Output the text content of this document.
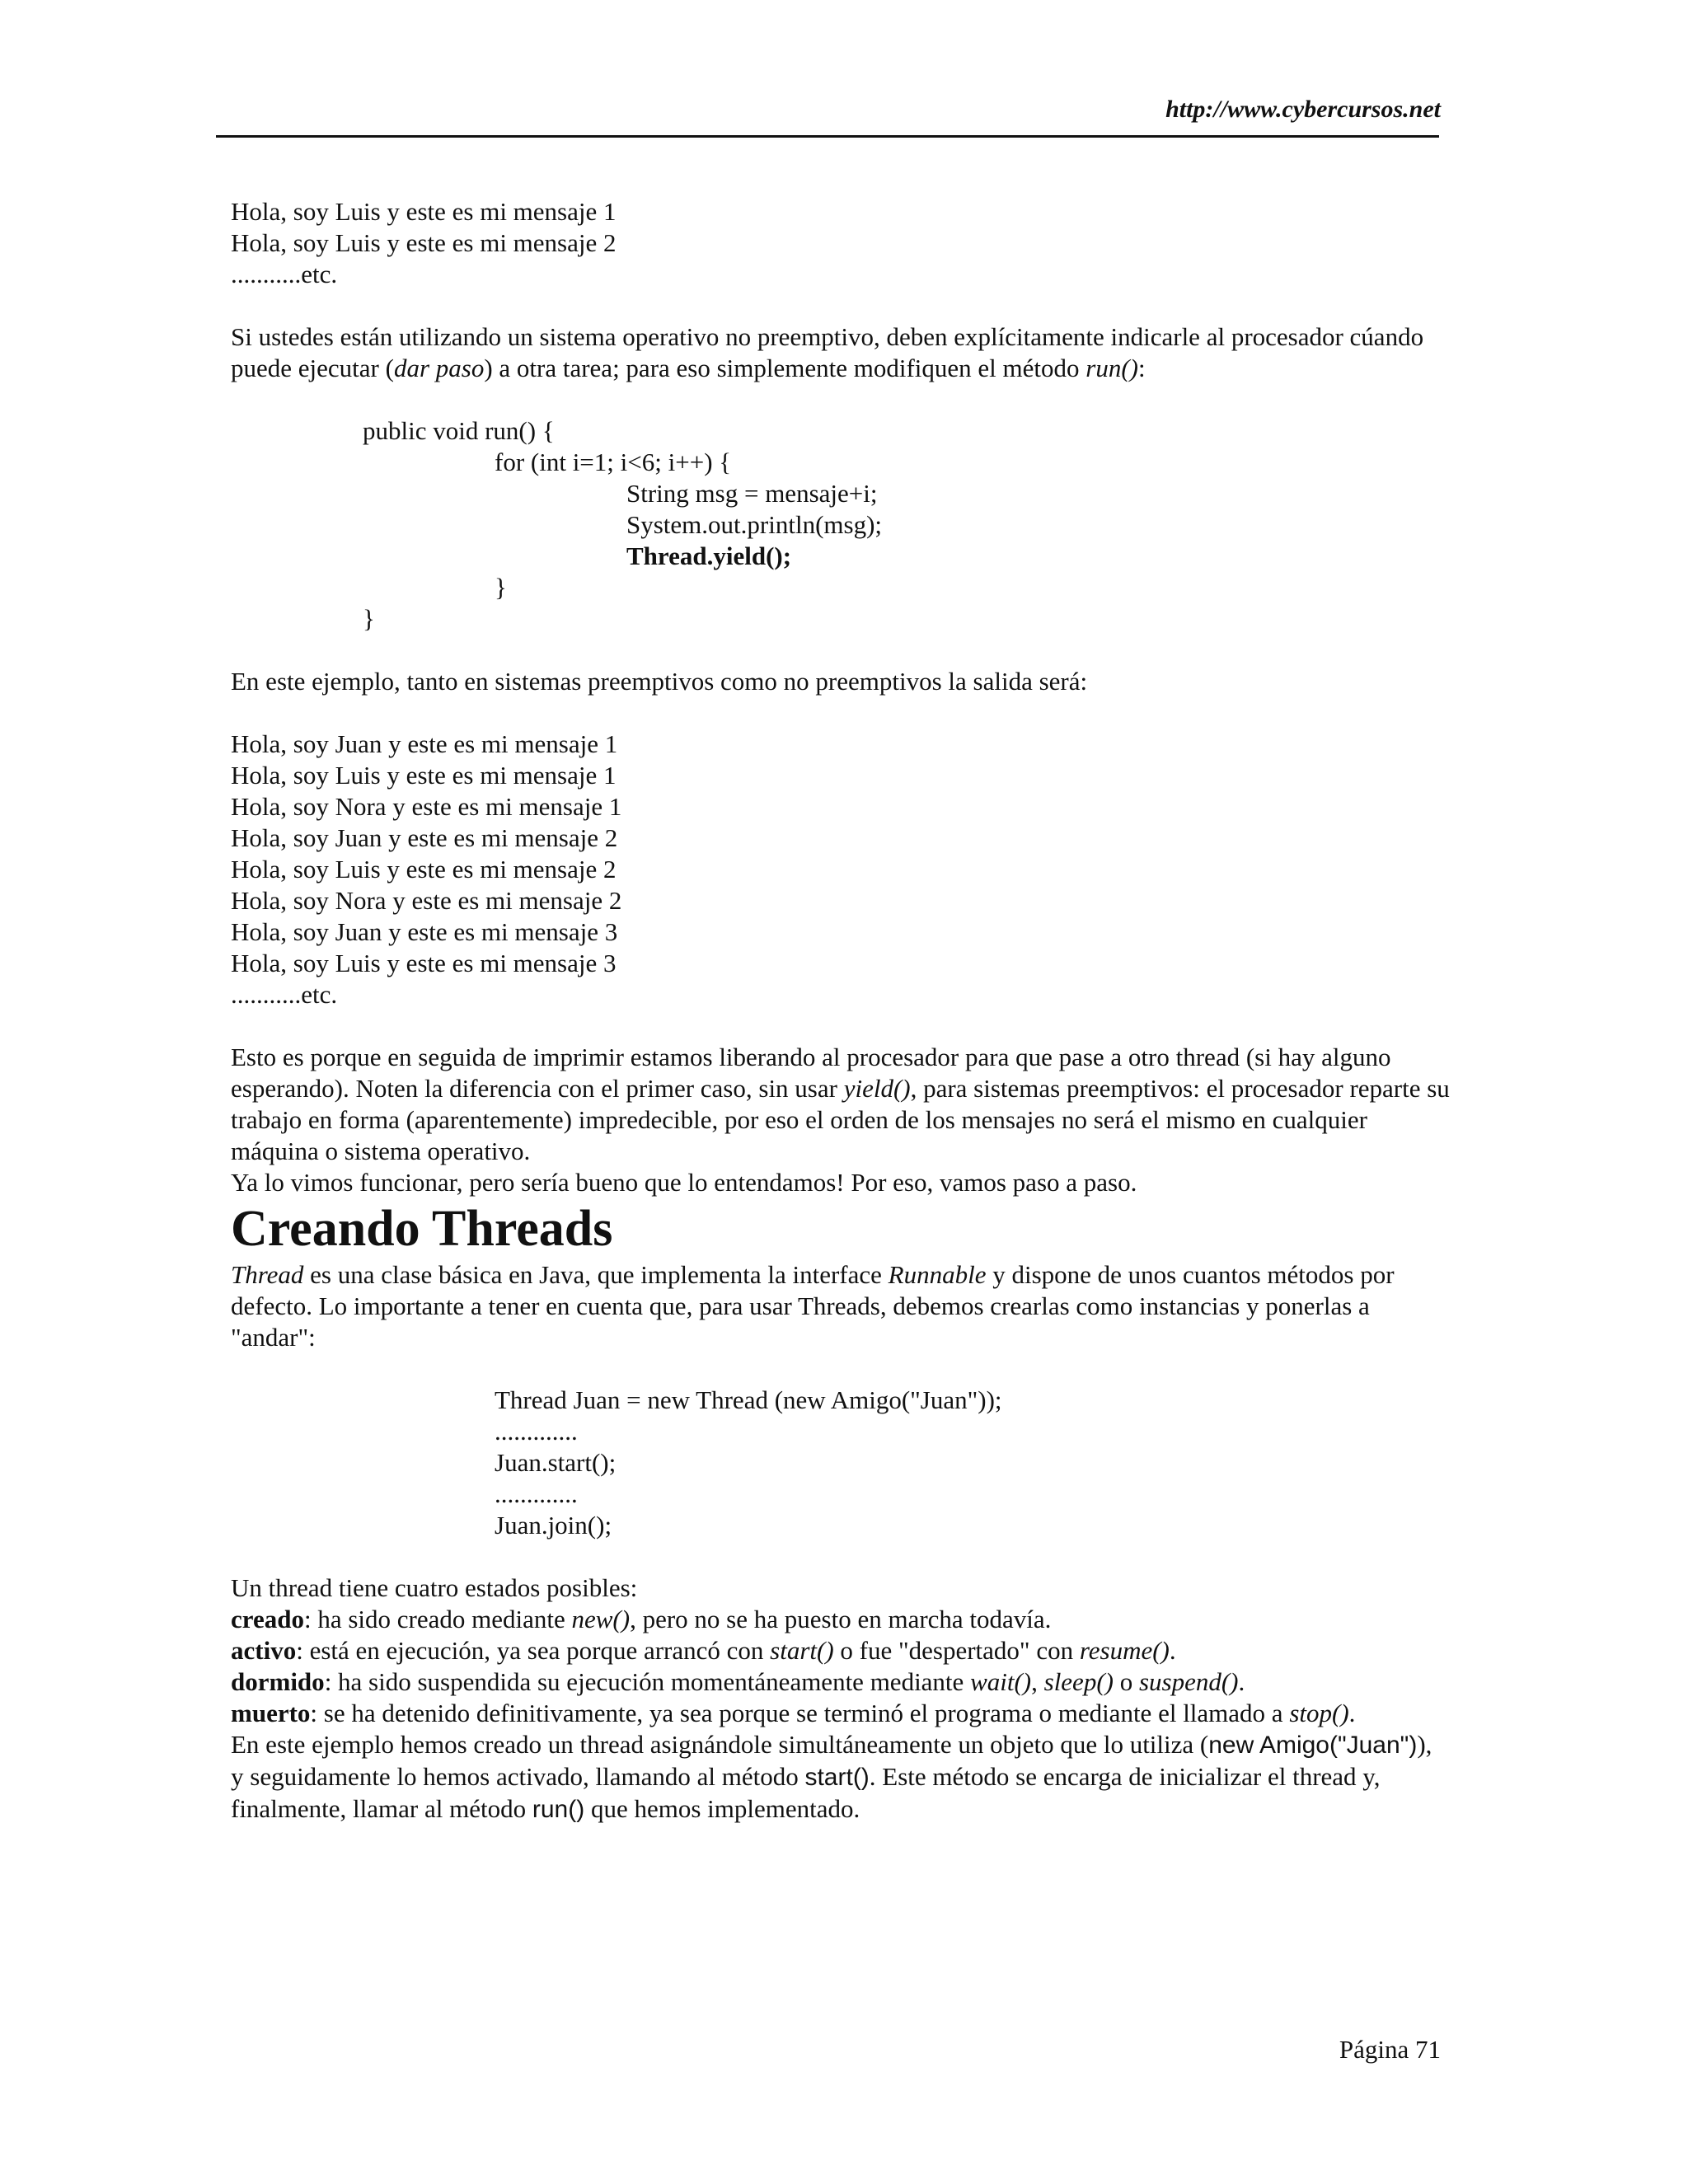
http://www.cybercursos.net
Hola, soy Luis y este es mi mensaje 1
Hola, soy Luis y este es mi mensaje 2
...........etc.

Si ustedes están utilizando un sistema operativo no preemptivo, deben explícitamente indicarle al procesador cúando puede ejecutar (dar paso) a otra tarea; para eso simplemente modifiquen el método run():

public void run() {
for (int i=1; i<6; i++) {
String msg = mensaje+i;
System.out.println(msg);
Thread.yield();
}
}

En este ejemplo, tanto en sistemas preemptivos como no preemptivos la salida será:

Hola, soy Juan y este es mi mensaje 1
Hola, soy Luis y este es mi mensaje 1
Hola, soy Nora y este es mi mensaje 1
Hola, soy Juan y este es mi mensaje 2
Hola, soy Luis y este es mi mensaje 2
Hola, soy Nora y este es mi mensaje 2
Hola, soy Juan y este es mi mensaje 3
Hola, soy Luis y este es mi mensaje 3
...........etc.

Esto es porque en seguida de imprimir estamos liberando al procesador para que pase a otro thread (si hay alguno esperando). Noten la diferencia con el primer caso, sin usar yield(), para sistemas preemptivos: el procesador reparte su trabajo en forma (aparentemente) impredecible, por eso el orden de los mensajes no será el mismo en cualquier máquina o sistema operativo.

Ya lo vimos funcionar, pero sería bueno que lo entendamos! Por eso, vamos paso a paso.

Creando Threads

Thread es una clase básica en Java, que implementa la interface Runnable y dispone de unos cuantos métodos por defecto. Lo importante a tener en cuenta que, para usar Threads, debemos crearlas como instancias y ponerlas a "andar":

Thread Juan = new Thread (new Amigo("Juan"));
.............
Juan.start();
.............
Juan.join();

Un thread tiene cuatro estados posibles:

creado: ha sido creado mediante new(), pero no se ha puesto en marcha todavía.

activo: está en ejecución, ya sea porque arrancó con start() o fue "despertado" con resume().

dormido: ha sido suspendida su ejecución momentáneamente mediante wait(), sleep() o suspend().

muerto: se ha detenido definitivamente, ya sea porque se terminó el programa o mediante el llamado a stop().

En este ejemplo hemos creado un thread asignándole simultáneamente un objeto que lo utiliza (new Amigo("Juan")), y seguidamente lo hemos activado, llamando al método start(). Este método se encarga de inicializar el thread y, finalmente, llamar al método run() que hemos implementado.

Página 71
